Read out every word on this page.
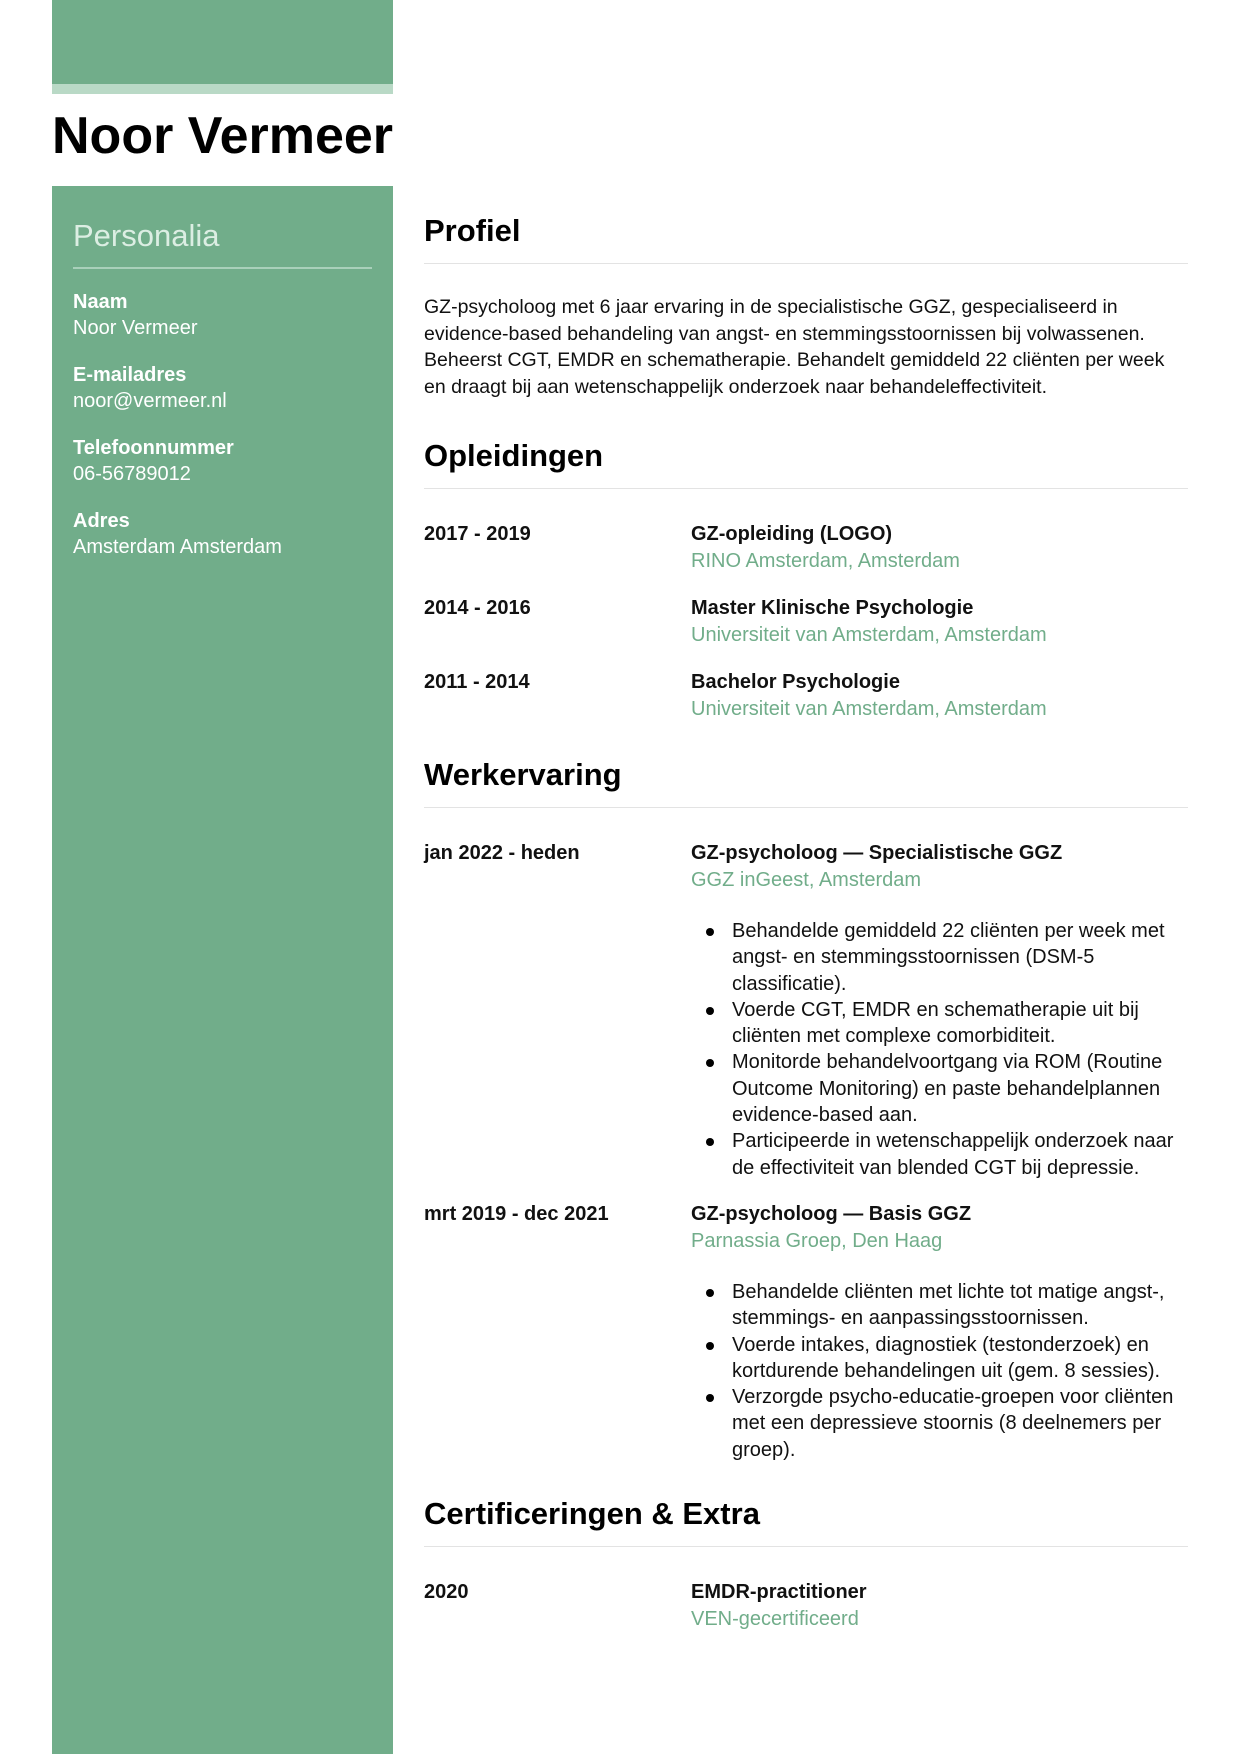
Noor Vermeer
Personalia
Naam
Noor Vermeer
E-mailadres
noor@vermeer.nl
Telefoonnummer
06-56789012
Adres
Amsterdam Amsterdam
Profiel

GZ-psycholoog met 6 jaar ervaring in de specialistische GGZ, gespecialiseerd in evidence-based behandeling van angst- en stemmingsstoornissen bij volwassenen. Beheerst CGT, EMDR en schematherapie. Behandelt gemiddeld 22 cliënten per week en draagt bij aan wetenschappelijk onderzoek naar behandeleffectiviteit.

Opleidingen
2017 - 2019	GZ-opleiding (LOGO)
RINO Amsterdam, Amsterdam
2014 - 2016	Master Klinische Psychologie
Universiteit van Amsterdam, Amsterdam
2011 - 2014	Bachelor Psychologie
Universiteit van Amsterdam, Amsterdam
Werkervaring
jan 2022 - heden	GZ-psycholoog — Specialistische GGZ
GGZ inGeest, Amsterdam
Behandelde gemiddeld 22 cliënten per week met angst- en stemmingsstoornissen (DSM-5 classificatie).
Voerde CGT, EMDR en schematherapie uit bij cliënten met complexe comorbiditeit.
Monitorde behandelvoortgang via ROM (Routine Outcome Monitoring) en paste behandelplannen evidence-based aan.
Participeerde in wetenschappelijk onderzoek naar de effectiviteit van blended CGT bij depressie.
mrt 2019 - dec 2021	GZ-psycholoog — Basis GGZ
Parnassia Groep, Den Haag
Behandelde cliënten met lichte tot matige angst-, stemmings- en aanpassingsstoornissen.
Voerde intakes, diagnostiek (testonderzoek) en kortdurende behandelingen uit (gem. 8 sessies).
Verzorgde psycho-educatie-groepen voor cliënten met een depressieve stoornis (8 deelnemers per groep).
Certificeringen & Extra
2020	EMDR-practitioner
VEN-gecertificeerd
